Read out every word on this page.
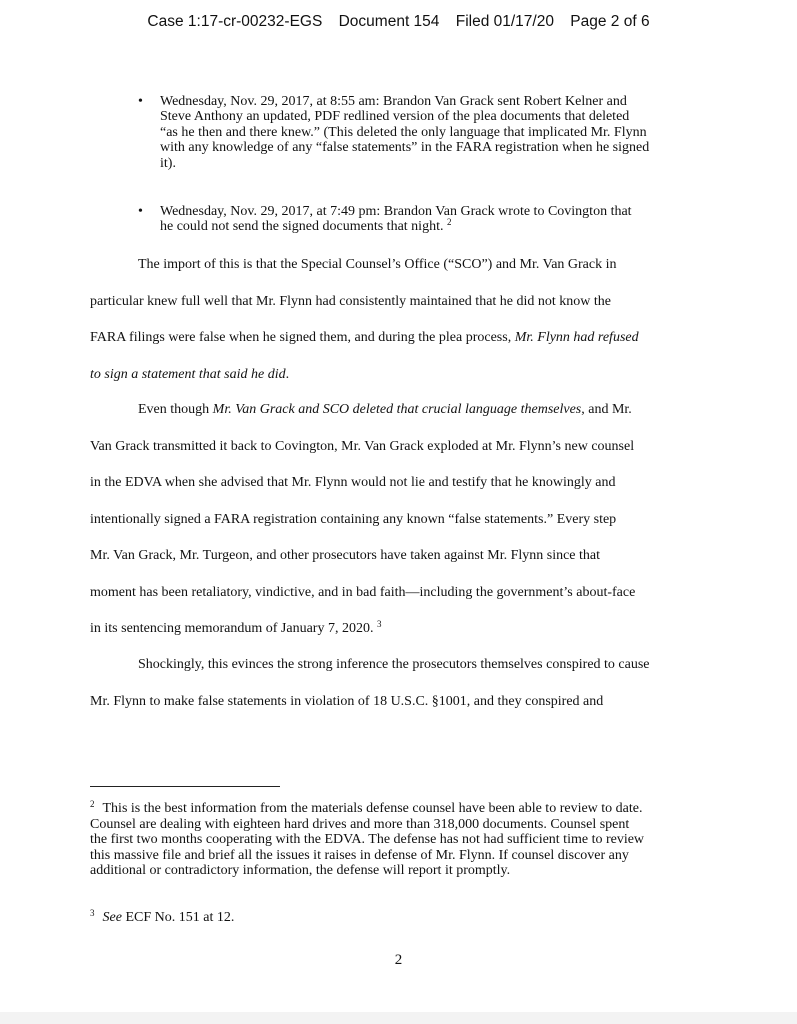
Case 1:17-cr-00232-EGS Document 154 Filed 01/17/20 Page 2 of 6
• Wednesday, Nov. 29, 2017, at 8:55 am: Brandon Van Grack sent Robert Kelner and
Steve Anthony an updated, PDF redlined version of the plea documents that deleted
“as he then and there knew.” (This deleted the only language that implicated Mr. Flynn
with any knowledge of any “false statements” in the FARA registration when he signed
it).
• Wednesday, Nov. 29, 2017, at 7:49 pm: Brandon Van Grack wrote to Covington that
he could not send the signed documents that night. $^2$
The import of this is that the Special Counsel’s Office (“SCO”) and Mr. Van Grack in
particular knew full well that Mr. Flynn had consistently maintained that he did not know the
FARA filings were false when he signed them, and during the plea process, Mr. Flynn had refused
to sign a statement that said he did.
Even though Mr. Van Grack and SCO deleted that crucial language themselves, and Mr.
Van Grack transmitted it back to Covington, Mr. Van Grack exploded at Mr. Flynn’s new counsel
in the EDVA when she advised that Mr. Flynn would not lie and testify that he knowingly and
intentionally signed a FARA registration containing any known “false statements.” Every step
Mr. Van Grack, Mr. Turgeon, and other prosecutors have taken against Mr. Flynn since that
moment has been retaliatory, vindictive, and in bad faith—including the government’s about-face
in its sentencing memorandum of January 7, 2020. $^3$
Shockingly, this evinces the strong inference the prosecutors themselves conspired to cause
Mr. Flynn to make false statements in violation of 18 U.S.C. §1001, and they conspired and
$^2$ This is the best information from the materials defense counsel have been able to review to date.
Counsel are dealing with eighteen hard drives and more than 318,000 documents. Counsel spent
the first two months cooperating with the EDVA. The defense has not had sufficient time to review
this massive file and brief all the issues it raises in defense of Mr. Flynn. If counsel discover any
additional or contradictory information, the defense will report it promptly.
$^3$ See ECF No. 151 at 12.
2
